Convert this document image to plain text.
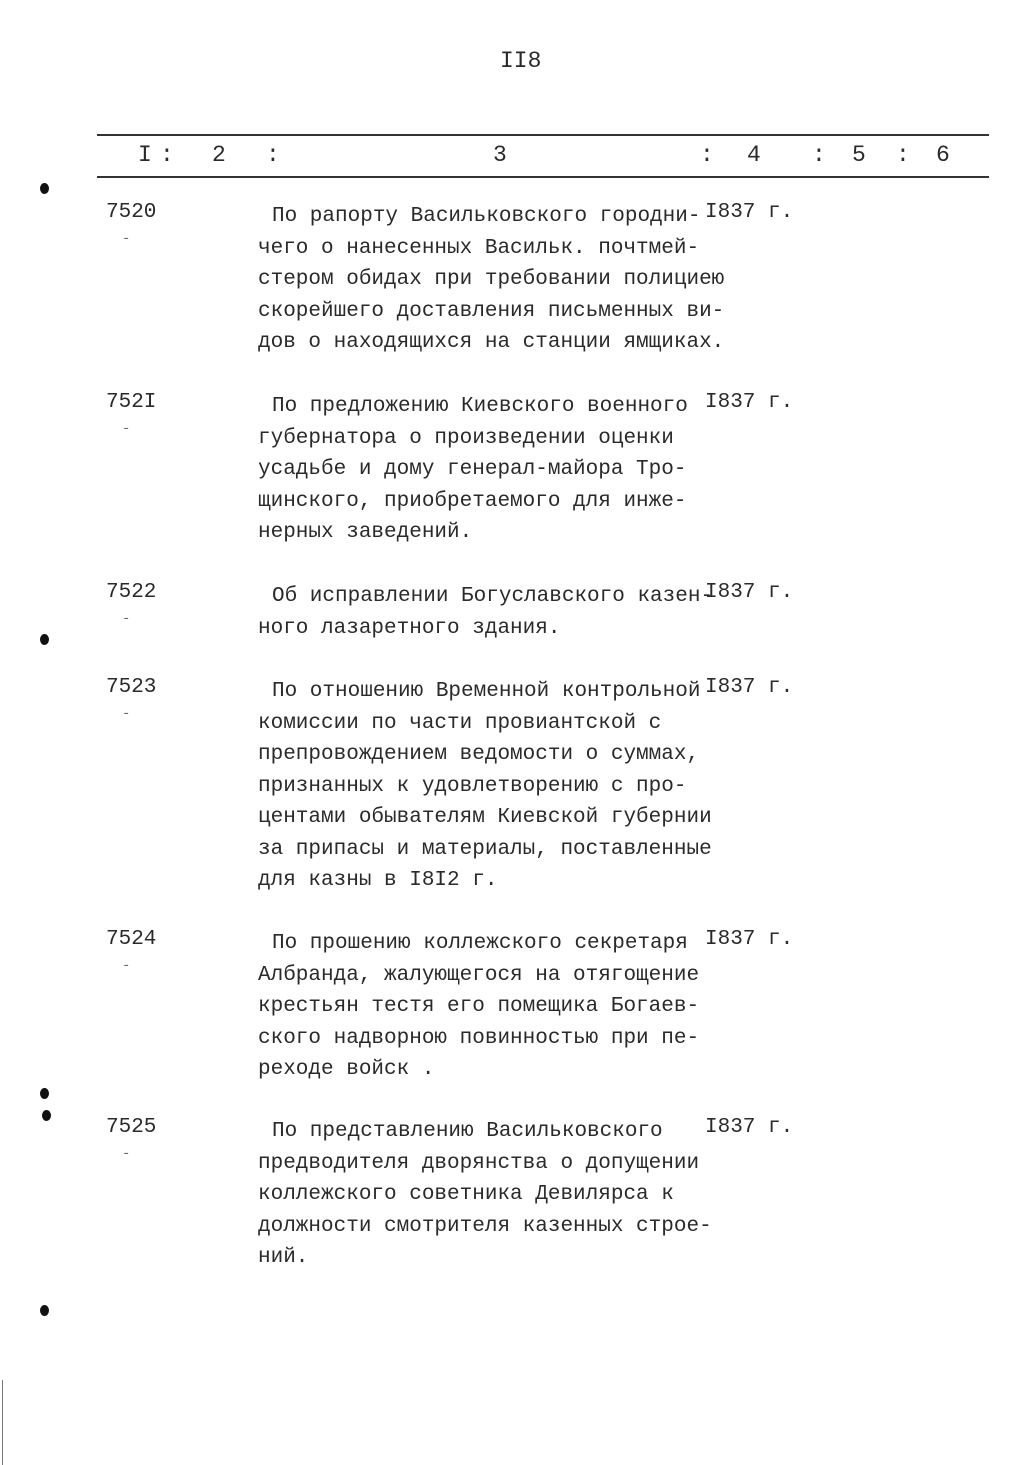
II8
I : 2 :	3	: 4 : 5 : 6
7520
-
По рапорту Васильковского городни-
чего о нанесенных Васильк. почтмей-
стером обидах при требовании полициею
скорейшего доставления письменных ви-
дов о находящихся на станции ямщиках.
I837 г.
752I
-
По предложению Киевского военного
губернатора о произведении оценки
усадьбе и дому генерал-майора Тро-
щинского, приобретаемого для инже-
нерных заведений.
I837 г.
7522
-
Об исправлении Богуславского казен-
ного лазаретного здания.
I837 г.
7523
-
По отношению Временной контрольной
комиссии по части провиантской с
препровождением ведомости о суммах,
признанных к удовлетворению с про-
центами обывателям Киевской губернии
за припасы и материалы, поставленные
для казны в I8I2 г.
I837 г.
7524
-
По прошению коллежского секретаря
Албранда, жалующегося на отягощение
крестьян тестя его помещика Богаев-
ского надворною повинностью при пе-
реходе войск .
I837 г.
7525
-
По представлению Васильковского
предводителя дворянства о допущении
коллежского советника Девилярса к
должности смотрителя казенных строе-
ний.
I837 г.
